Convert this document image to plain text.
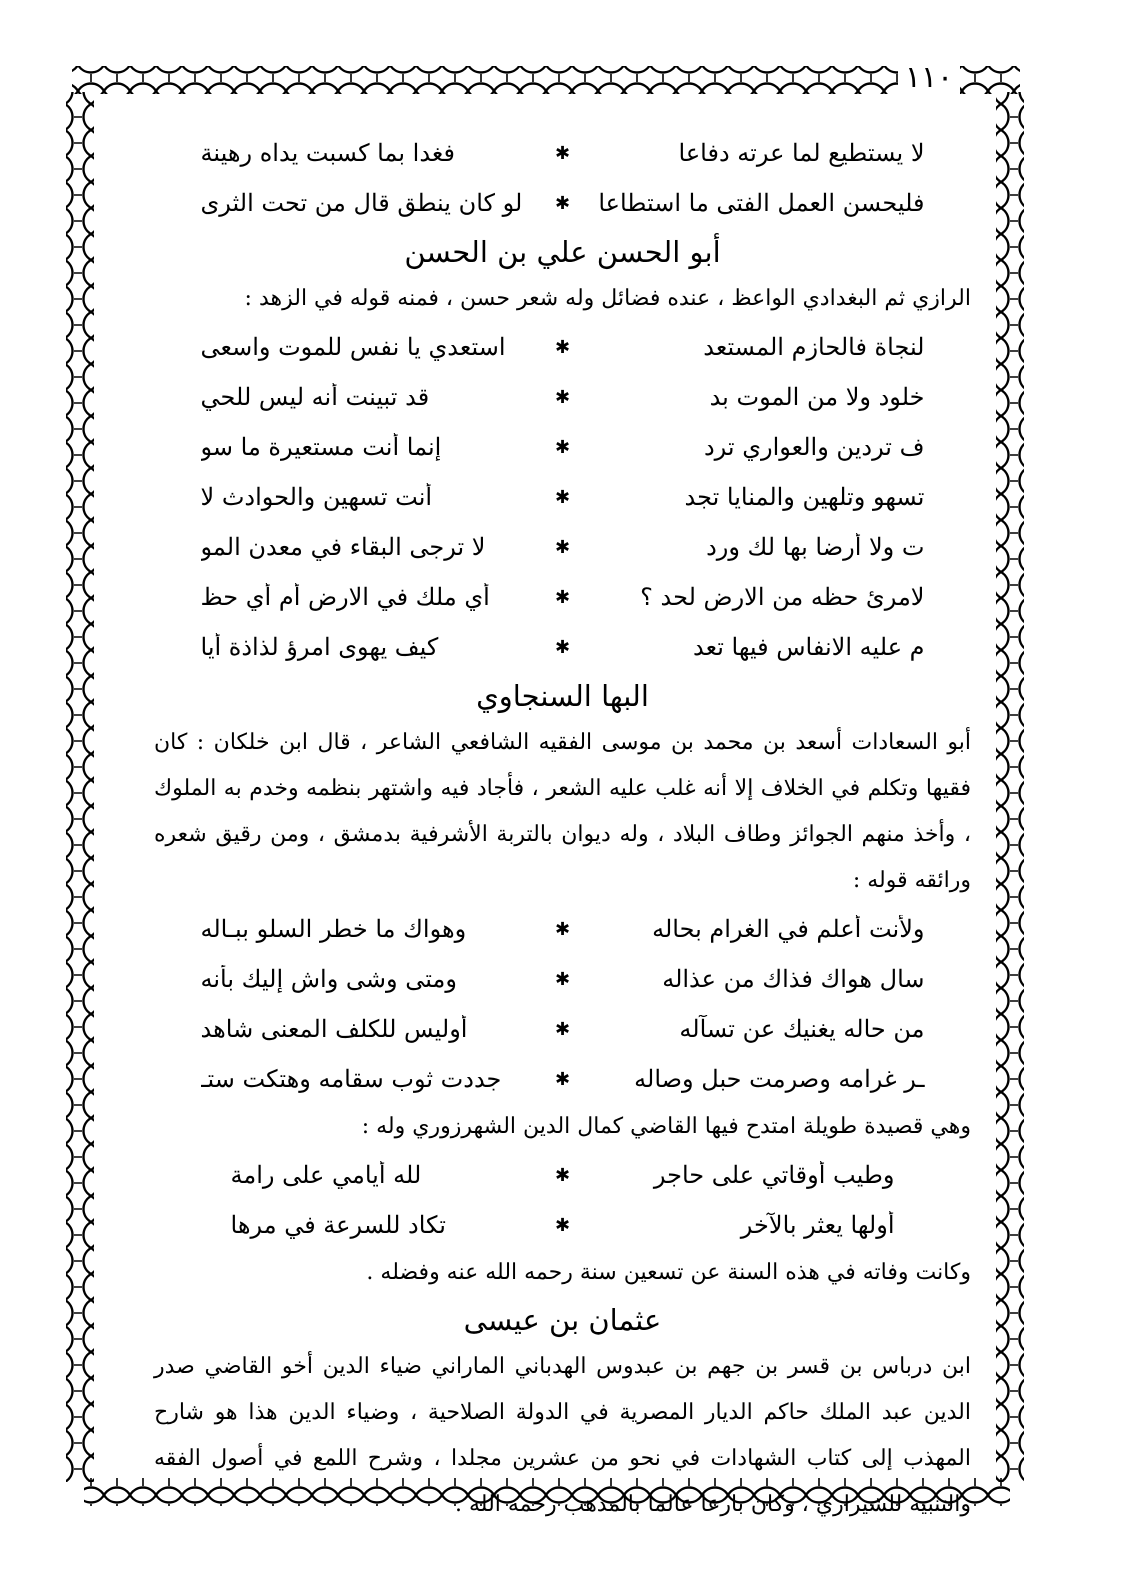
١١٠
لا يستطيع لما عرته دفاعا
✱
فغدا بما كسبت يداه رهينة
فليحسن العمل الفتى ما استطاعا
✱
لو كان ينطق قال من تحت الثرى
أبو الحسن علي بن الحسن
الرازي ثم البغدادي الواعظ ، عنده فضائل وله شعر حسن ، فمنه قوله في الزهد :
لنجاة فالحازم المستعد
✱
استعدي يا نفس للموت واسعى
خلود ولا من الموت بد
✱
قد تبينت أنه ليس للحي
ف تردين والعواري ترد
✱
إنما أنت مستعيرة ما سو
تسهو وتلهين والمنايا تجد
✱
أنت تسهين والحوادث لا
ت ولا أرضا بها لك ورد
✱
لا ترجى البقاء في معدن المو
لامرئ حظه من الارض لحد ؟
✱
أي ملك في الارض أم أي حظ
م عليه الانفاس فيها تعد
✱
كيف يهوى امرؤ لذاذة أيا
البها السنجاوي
أبو السعادات أسعد بن محمد بن موسى الفقيه الشافعي الشاعر ، قال ابن خلكان : كان فقيها وتكلم في الخلاف إلا أنه غلب عليه الشعر ، فأجاد فيه واشتهر بنظمه وخدم به الملوك ، وأخذ منهم الجوائز وطاف البلاد ، وله ديوان بالتربة الأشرفية بدمشق ، ومن رقيق شعره ورائقه قوله :
ولأنت أعلم في الغرام بحاله
✱
وهواك ما خطر السلو ببـاله
سال هواك فذاك من عذاله
✱
ومتى وشى واش إليك بأنه
من حاله يغنيك عن تسآله
✱
أوليس للكلف المعنى شاهد
ـر غرامه وصرمت حبل وصاله
✱
جددت ثوب سقامه وهتكت ستـ
وهي قصيدة طويلة امتدح فيها القاضي كمال الدين الشهرزوري وله :
وطيب أوقاتي على حاجر
✱
لله أيامي على رامة
أولها يعثر بالآخر
✱
تكاد للسرعة في مرها
وكانت وفاته في هذه السنة عن تسعين سنة رحمه الله عنه وفضله .
عثمان بن عيسى
ابن درباس بن قسر بن جهم بن عبدوس الهدباني الماراني ضياء الدين أخو القاضي صدر الدين عبد الملك حاكم الديار المصرية في الدولة الصلاحية ، وضياء الدين هذا هو شارح المهذب إلى كتاب الشهادات في نحو من عشرين مجلدا ، وشرح اللمع في أصول الفقه والتنبيه للشيرازي ، وكان بارعا عالما بالمذهب رحمه الله .
